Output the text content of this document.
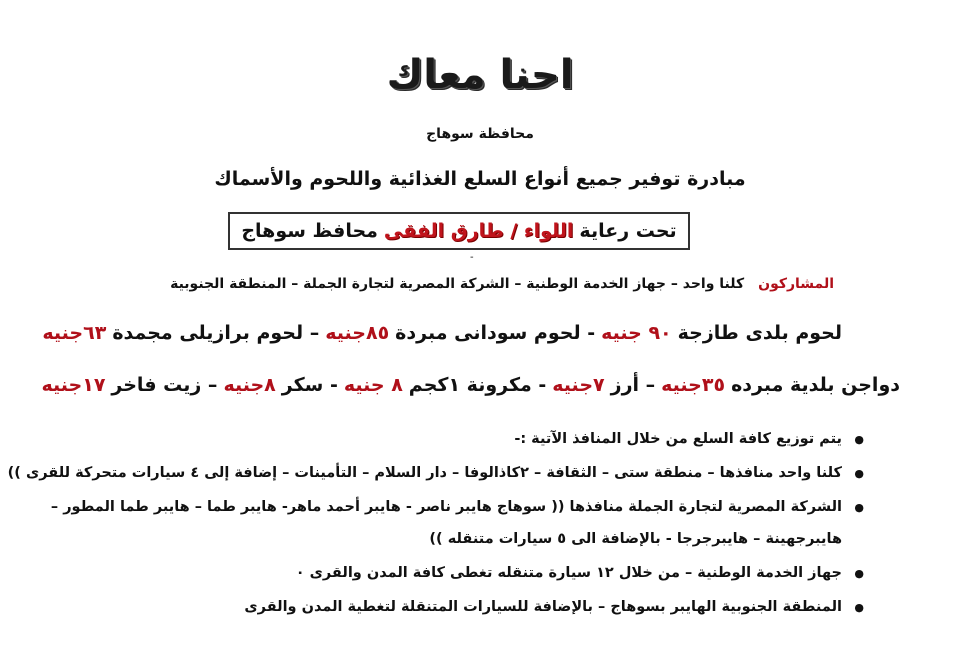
احنا معاك
محافظة سوهاج
مبادرة توفير جميع أنواع السلع الغذائية واللحوم والأسماك
تحت رعاية
اللواء / طارق الفقى
محافظ سوهاج
-
المشاركون
كلنا واحد – جهاز الخدمة الوطنية – الشركة المصرية لتجارة الجملة – المنطقة الجنوبية
لحوم بلدى طازجة
٩٠ جنيه
- لحوم سودانى مبردة
٨٥جنيه
– لحوم برازيلى مجمدة
٦٣جنيه
دواجن بلدية مبرده
٣٥جنيه
– أرز
٧جنيه
- مكرونة ١كجم
٨ جنيه
- سكر
٨جنيه
– زيت فاخر
١٧جنيه
● يتم توزيع كافة السلع من خلال المنافذ الآتية :-
● كلنا واحد منافذها – منطقة ستى – الثقافة – ٢كاذالوفا – دار السلام – التأمينات – إضافة إلى ٤ سيارات متحركة للقرى ))
● الشركة المصرية لتجارة الجملة منافذها (( سوهاج هايبر ناصر - هايبر أحمد ماهر- هايبر طما – هايبر طما المطور –
هايبرجهينة – هايبرجرجا - بالإضافة الى ٥ سيارات متنقله ))
● جهاز الخدمة الوطنية – من خلال ١٢ سيارة متنقله تغطى كافة المدن والقرى ٠
● المنطقة الجنوبية الهايبر بسوهاج – بالإضافة للسيارات المتنقلة لتغطية المدن والقرى
